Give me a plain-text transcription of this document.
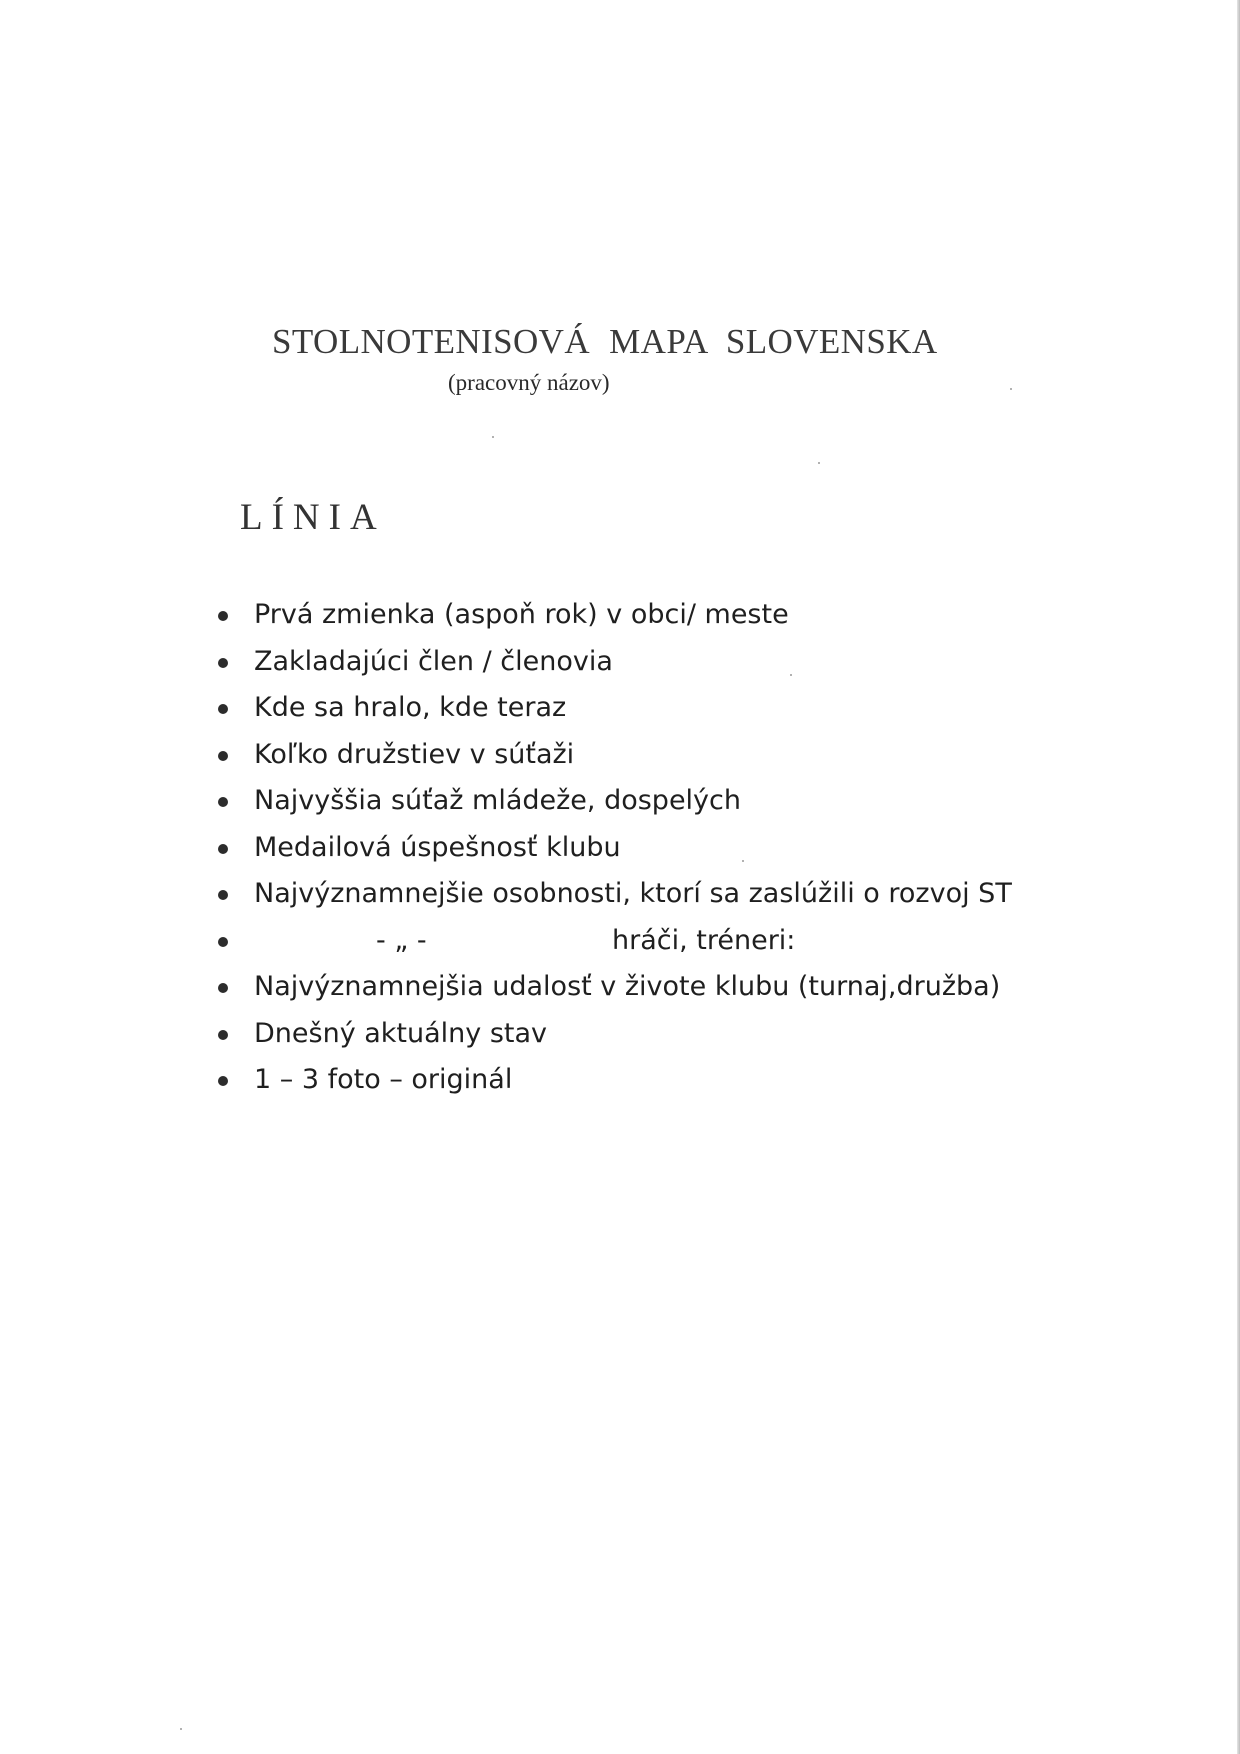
STOLNOTENISOVÁ MAPA SLOVENSKA
(pracovný názov)
LÍNIA
Prvá zmienka (aspoň rok) v obci/ meste
Zakladajúci člen / členovia
Kde sa hralo, kde teraz
Koľko družstiev v súťaži
Najvyššia súťaž mládeže, dospelých
Medailová úspešnosť klubu
Najvýznamnejšie osobnosti, ktorí sa zaslúžili o rozvoj ST
- „ -	hráči, tréneri:
Najvýznamnejšia udalosť v živote klubu (turnaj,družba)
Dnešný aktuálny stav
1 – 3 foto – originál
